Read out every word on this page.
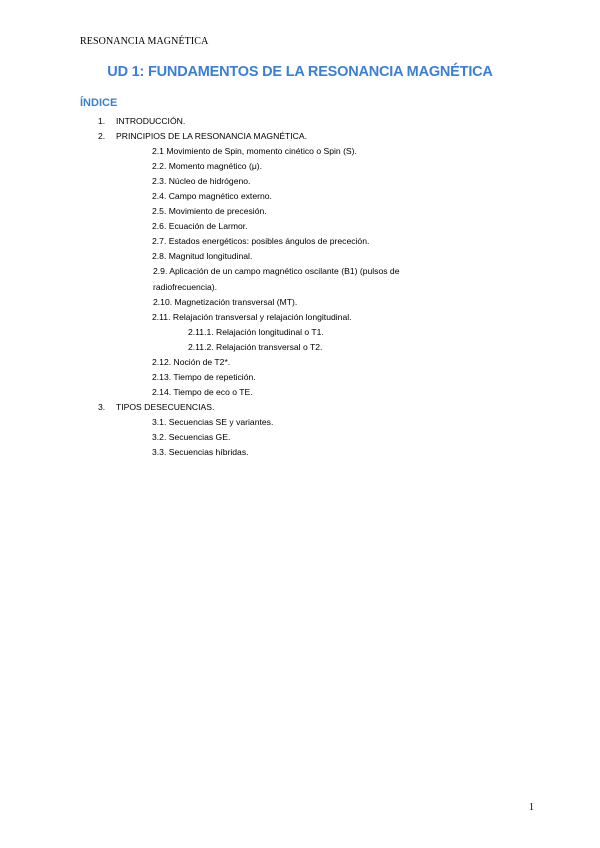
RESONANCIA MAGNÉTICA
UD 1: FUNDAMENTOS DE LA RESONANCIA MAGNÉTICA
ÍNDICE
1. INTRODUCCIÓN.
2. PRINCIPIOS DE LA RESONANCIA MAGNÉTICA.
2.1 Movimiento de Spin, momento cinético o Spin (S).
2.2. Momento magnético (μ).
2.3. Núcleo de hidrógeno.
2.4. Campo magnético externo.
2.5. Movimiento de precesión.
2.6. Ecuación de Larmor.
2.7. Estados energéticos: posibles ángulos de prececión.
2.8. Magnitud longitudinal.
2.9. Aplicación de un campo magnético oscilante (B1) (pulsos de
radiofrecuencia).
2.10. Magnetización transversal (MT).
2.11. Relajación transversal y relajación longitudinal.
2.11.1. Relajación longitudinal o T1.
2.11.2. Relajación transversal o T2.
2.12. Noción de T2*.
2.13. Tiempo de repetición.
2.14. Tiempo de eco o TE.
3. TIPOS DESECUENCIAS.
3.1. Secuencias SE y variantes.
3.2. Secuencias GE.
3.3. Secuencias híbridas.
1
